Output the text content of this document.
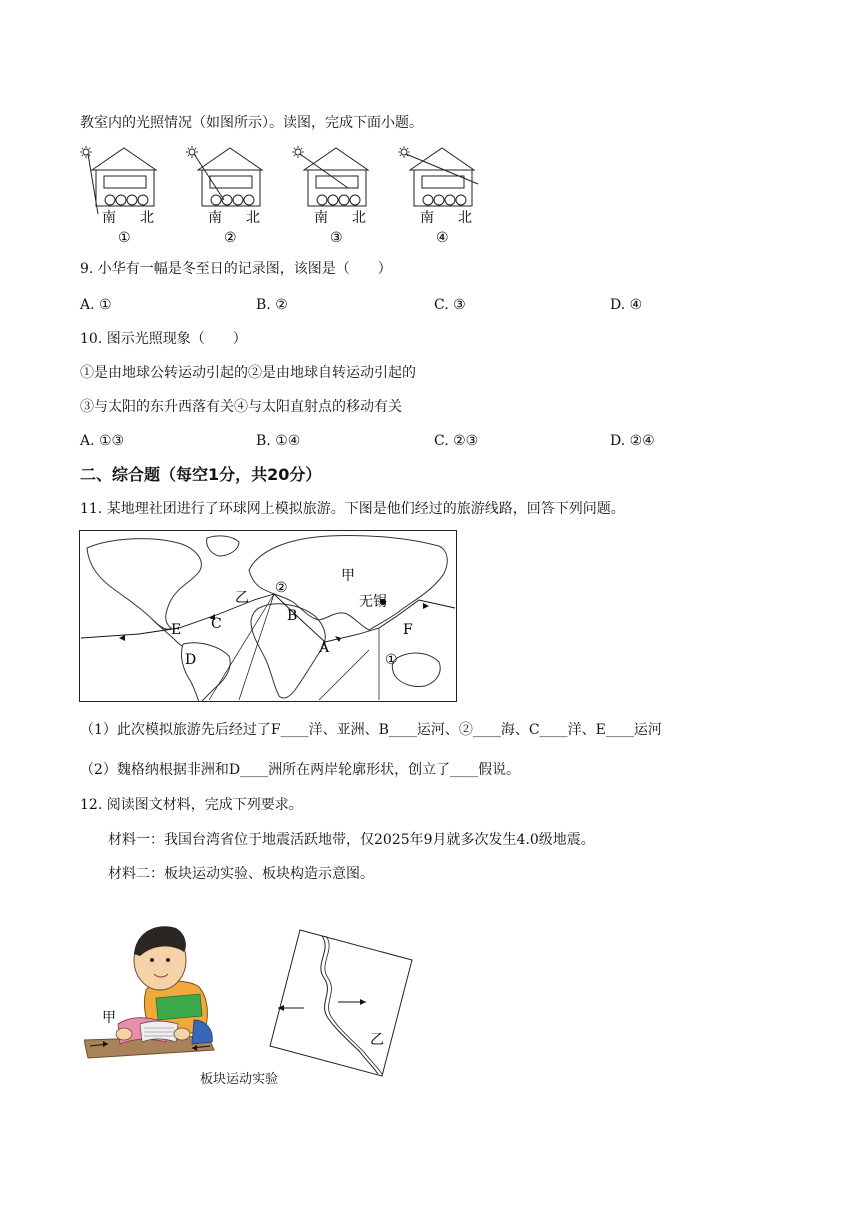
教室内的光照情况（如图所示）。读图，完成下面小题。
南 北
①
南 北
②
南 北
③
南 北
④
9. 小华有一幅是冬至日的记录图，该图是（　　）
A. ①	B. ②	C. ③	D. ④
10. 图示光照现象（　　）
①是由地球公转运动引起的②是由地球自转运动引起的
③与太阳的东升西落有关④与太阳直射点的移动有关
A. ①③	B. ①④	C. ②③	D. ②④
二、综合题（每空1分，共20分）
11. 某地理社团进行了环球网上模拟旅游。下图是他们经过的旅游线路，回答下列问题。
甲
乙	无锡
A
B
C
D
E	F
②
①
（1）此次模拟旅游先后经过了F____洋、亚洲、B____运河、②____海、C____洋、E____运河
（2）魏格纳根据非洲和D____洲所在两岸轮廓形状，创立了____假说。
12. 阅读图文材料，完成下列要求。
材料一：我国台湾省位于地震活跃地带，仅2025年9月就多次发生4.0级地震。
材料二：板块运动实验、板块构造示意图。
甲
板块运动实验
乙
